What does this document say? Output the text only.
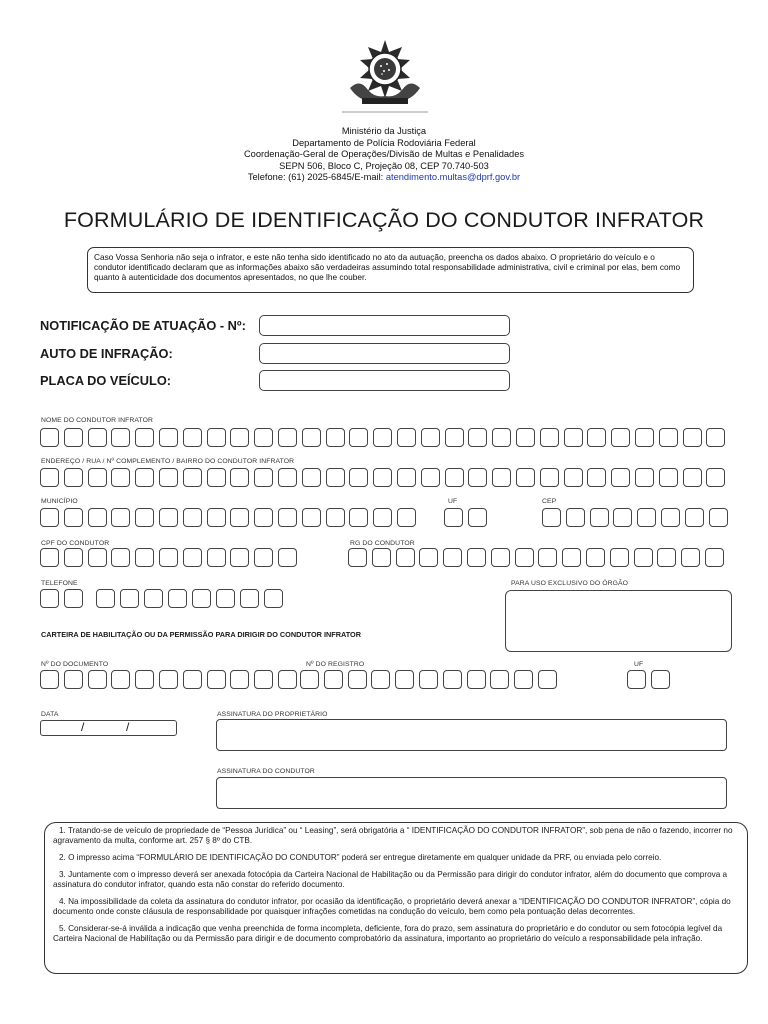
Ministério da Justiça
Departamento de Polícia Rodoviária Federal
Coordenação-Geral de Operações/Divisão de Multas e Penalidades
SEPN 506, Bloco C, Projeção 08, CEP 70.740-503
Telefone: (61) 2025-6845/E-mail: atendimento.multas@dprf.gov.br
FORMULÁRIO DE IDENTIFICAÇÃO DO CONDUTOR INFRATOR
Caso Vossa Senhoria não seja o infrator, e este não tenha sido identificado no ato da autuação, preencha os dados abaixo. O proprietário do veículo e o condutor identificado declaram que as informações abaixo são verdadeiras assumindo total responsabilidade administrativa, civil e criminal por elas, bem como quanto à autenticidade dos documentos apresentados, no que lhe couber.
NOTIFICAÇÃO DE ATUAÇÃO - Nº:
AUTO DE INFRAÇÃO:
PLACA DO VEÍCULO:
NOME DO CONDUTOR INFRATOR
ENDEREÇO / RUA / Nº COMPLEMENTO / BAIRRO DO CONDUTOR INFRATOR
MUNICÍPIO	UF	CEP
CPF DO CONDUTOR	RG DO CONDUTOR
TELEFONE	PARA USO EXCLUSIVO DO ÓRGÃO
CARTEIRA DE HABILITAÇÃO OU DA PERMISSÃO PARA DIRIGIR DO CONDUTOR INFRATOR
Nº DO DOCUMENTO	Nº DO REGISTRO	UF
DATA
/	/
ASSINATURA DO PROPRIETÁRIO
ASSINATURA DO CONDUTOR

1. Tratando-se de veículo de propriedade de “Pessoa Jurídica” ou “ Leasing”, será obrigatória a “ IDENTIFICAÇÃO DO CONDUTOR INFRATOR”, sob pena de não o fazendo, incorrer no agravamento da multa, conforme art. 257 § 8º do CTB.

2. O impresso acima “FORMULÁRIO DE IDENTIFICAÇÃO DO CONDUTOR” poderá ser entregue diretamente em qualquer unidade da PRF, ou enviada pelo correio.

3. Juntamente com o impresso deverá ser anexada fotocópia da Carteira Nacional de Habilitação ou da Permissão para dirigir do condutor infrator, além do documento que comprova a assinatura do condutor infrator, quando esta não constar do referido documento.

4. Na impossibilidade da coleta da assinatura do condutor infrator, por ocasião da identificação, o proprietário deverá anexar a “IDENTIFICAÇÃO DO CONDUTOR INFRATOR”, cópia do documento onde conste cláusula de responsabilidade por quaisquer infrações cometidas na condução do veículo, bem como pela pontuação delas decorrentes.

5. Considerar-se-á inválida a indicação que venha preenchida de forma incompleta, deficiente, fora do prazo, sem assinatura do proprietário e do condutor ou sem fotocópia legível da Carteira Nacional de Habilitação ou da Permissão para dirigir e de documento comprobatório da assinatura, importanto ao proprietário do veículo a responsabilidade pela infração.
